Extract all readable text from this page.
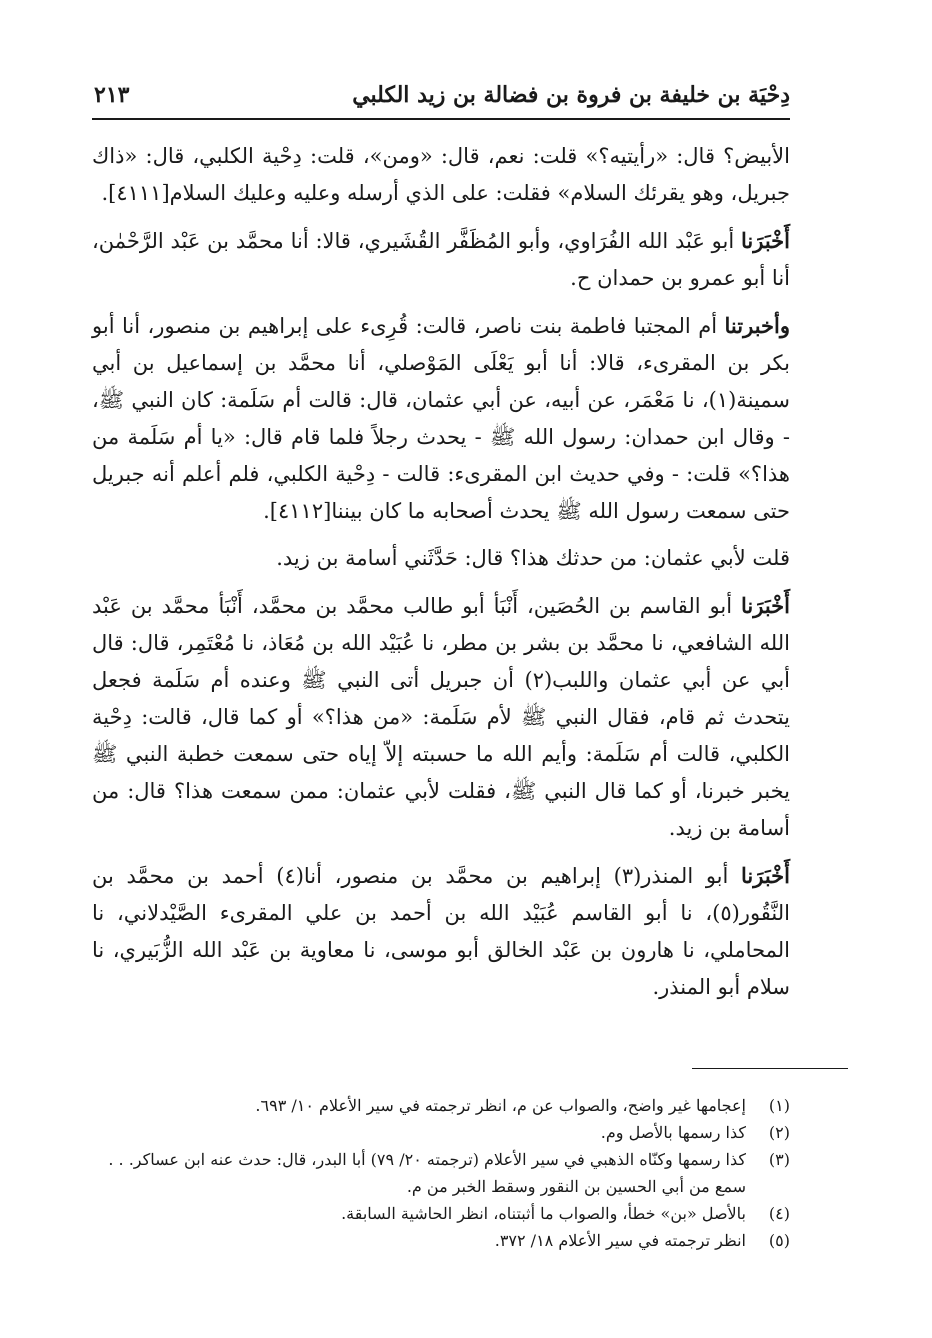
دِحْيَة بن خليفة بن فروة بن فضالة بن زيد الكلبي
٢١٣

الأبيض؟ قال: «رأيتيه؟» قلت: نعم، قال: «ومن»، قلت: دِحْية الكلبي، قال: «ذاك جبريل، وهو يقرئك السلام» فقلت: على الذي أرسله وعليه وعليك السلام[٤١١١].

أَخْبَرَنا أبو عَبْد الله الفُرَاوي، وأبو المُظَفَّر القُشَيري، قالا: أنا محمَّد بن عَبْد الرَّحْمٰن، أنا أبو عمرو بن حمدان ح.

وأخبرتنا أم المجتبا فاطمة بنت ناصر، قالت: قُرِىء على إبراهيم بن منصور، أنا أبو بكر بن المقرىء، قالا: أنا أبو يَعْلَى المَوْصلي، أنا محمَّد بن إسماعيل بن أبي سمينة(١)، نا مَعْمَر، عن أبيه، عن أبي عثمان، قال: قالت أم سَلَمة: كان النبي ﷺ، - وقال ابن حمدان: رسول الله ﷺ - يحدث رجلاً فلما قام قال: «يا أم سَلَمة من هذا؟» قلت: - وفي حديث ابن المقرىء: قالت - دِحْية الكلبي، فلم أعلم أنه جبريل حتى سمعت رسول الله ﷺ يحدث أصحابه ما كان بيننا[٤١١٢].

قلت لأبي عثمان: من حدثك هذا؟ قال: حَدَّثَني أسامة بن زيد.

أَخْبَرَنا أبو القاسم بن الحُصَين، أَنْبَأ أبو طالب محمَّد بن محمَّد، أَنْبَأ محمَّد بن عَبْد الله الشافعي، نا محمَّد بن بشر بن مطر، نا عُبَيْد الله بن مُعَاذ، نا مُعْتَمِر، قال: قال أبي عن أبي عثمان واللبب(٢) أن جبريل أتى النبي ﷺ وعنده أم سَلَمة فجعل يتحدث ثم قام، فقال النبي ﷺ لأم سَلَمة: «من هذا؟» أو كما قال، قالت: دِحْية الكلبي، قالت أم سَلَمة: وأيم الله ما حسبته إلاّ إياه حتى سمعت خطبة النبي ﷺ يخبر خبرنا، أو كما قال النبي ﷺ، فقلت لأبي عثمان: ممن سمعت هذا؟ قال: من أسامة بن زيد.

أَخْبَرَنا أبو المنذر(٣) إبراهيم بن محمَّد بن منصور، أنا(٤) أحمد بن محمَّد بن النَّقُور(٥)، نا أبو القاسم عُبَيْد الله بن أحمد بن علي المقرىء الصَّيْدلاني، نا المحاملي، نا هارون بن عَبْد الخالق أبو موسى، نا معاوية بن عَبْد الله الزُّبَيري، نا سلام أبو المنذر.

(١)
إعجامها غير واضح، والصواب عن م، انظر ترجمته في سير الأعلام ١٠/ ٦٩٣.
(٢)
كذا رسمها بالأصل وم.
(٣)
كذا رسمها وكنّاه الذهبي في سير الأعلام (ترجمته ٢٠/ ٧٩) أبا البدر، قال: حدث عنه ابن عساكر. . .
سمع من أبي الحسين بن النقور وسقط الخبر من م.
(٤)
بالأصل «بن» خطأ، والصواب ما أثبتناه، انظر الحاشية السابقة.
(٥)
انظر ترجمته في سير الأعلام ١٨/ ٣٧٢.
